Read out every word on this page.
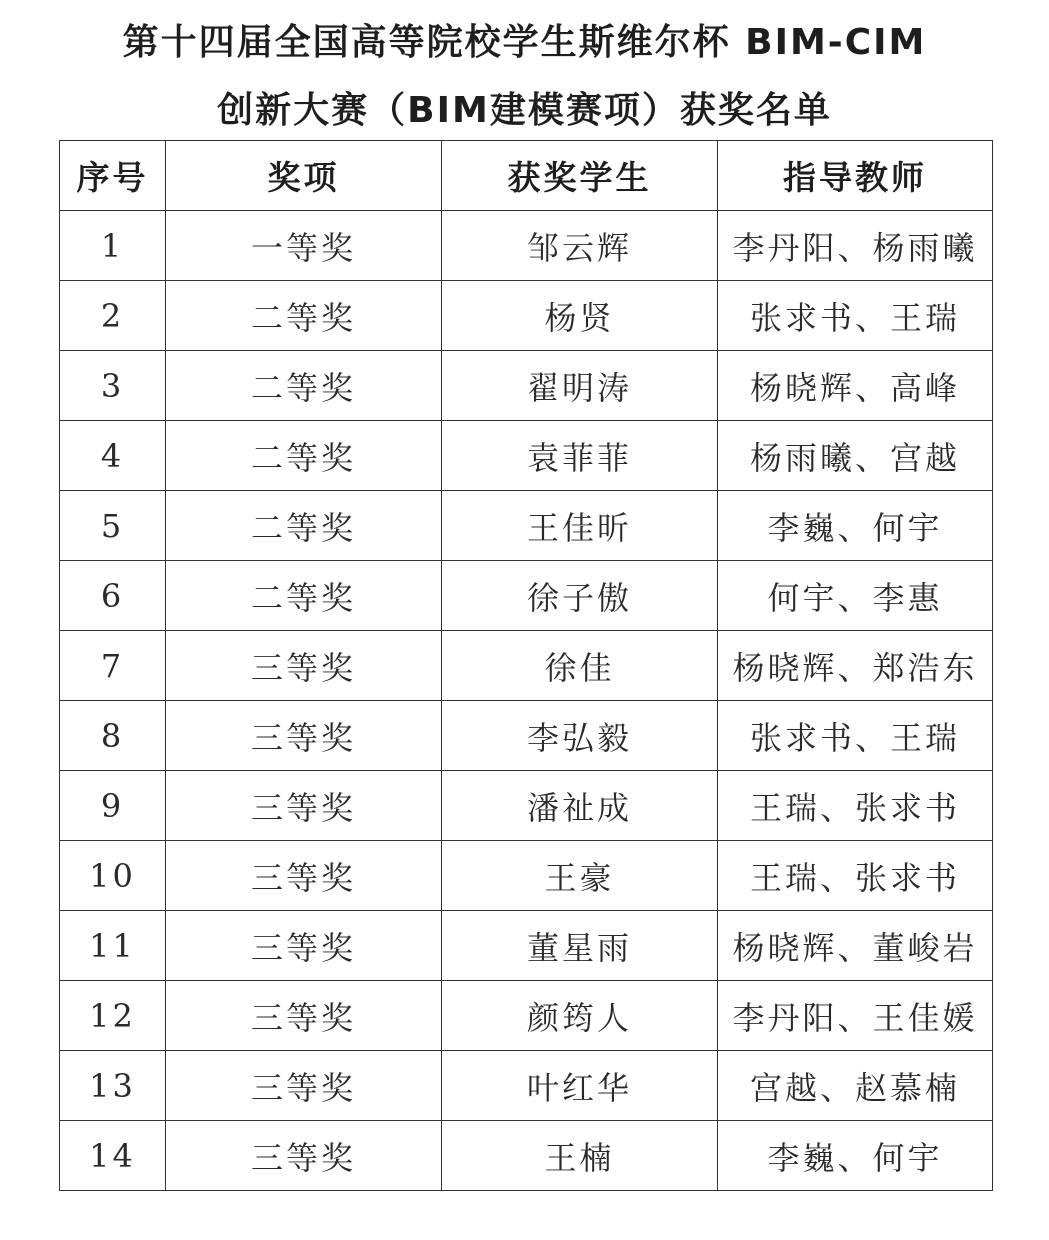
第十四届全国高等院校学生斯维尔杯 BIM-CIM
创新大赛（BIM建模赛项）获奖名单
序号	奖项	获奖学生	指导教师
1	一等奖	邹云辉	李丹阳、杨雨曦
2	二等奖	杨贤	张求书、王瑞
3	二等奖	翟明涛	杨晓辉、高峰
4	二等奖	袁菲菲	杨雨曦、宫越
5	二等奖	王佳昕	李巍、何宇
6	二等奖	徐子傲	何宇、李惠
7	三等奖	徐佳	杨晓辉、郑浩东
8	三等奖	李弘毅	张求书、王瑞
9	三等奖	潘祉成	王瑞、张求书
10	三等奖	王豪	王瑞、张求书
11	三等奖	董星雨	杨晓辉、董峻岩
12	三等奖	颜筠人	李丹阳、王佳媛
13	三等奖	叶红华	宫越、赵慕楠
14	三等奖	王楠	李巍、何宇
